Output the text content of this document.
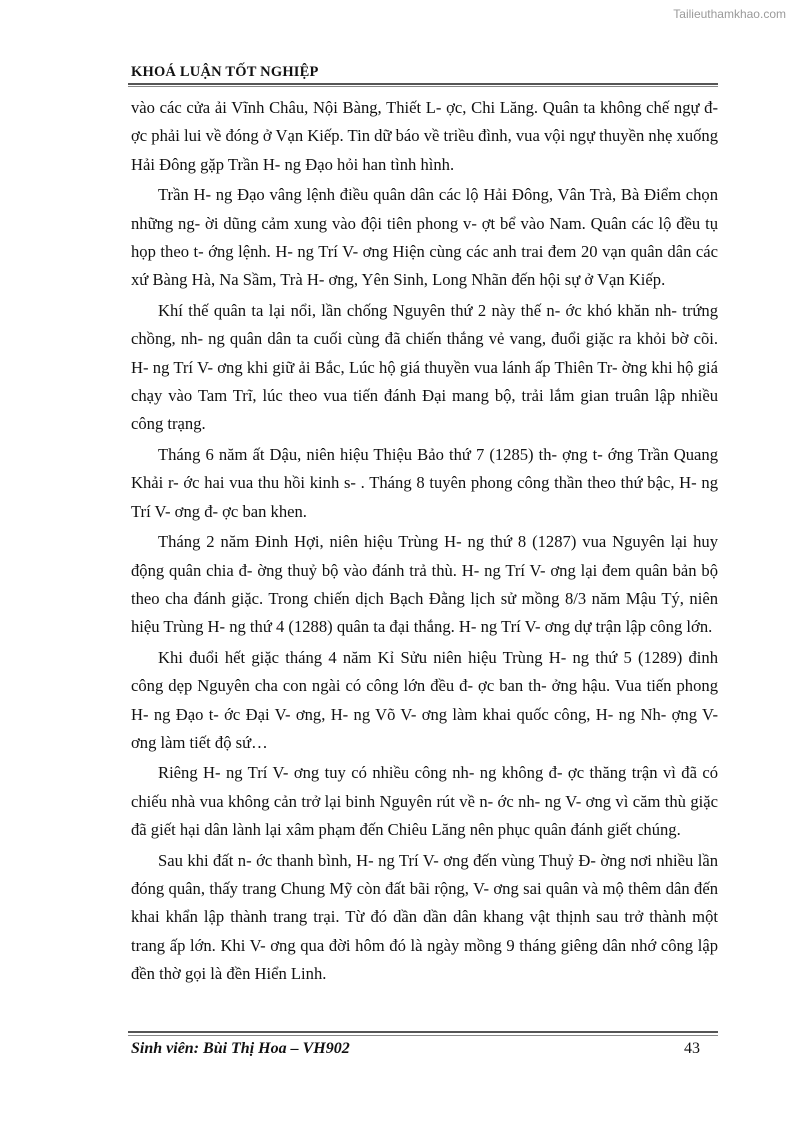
Tailieuthamkhao.com
KHOÁ LUẬN TỐT NGHIỆP

vào các cửa ải Vĩnh Châu, Nội Bàng, Thiết L- ợc, Chi Lăng. Quân ta không chế ngự đ- ợc phải lui về đóng ở Vạn Kiếp. Tin dữ báo về triều đình, vua vội ngự thuyền nhẹ xuống Hải Đông gặp Trần H- ng Đạo hỏi han tình hình.

Trần H- ng Đạo vâng lệnh điều quân dân các lộ Hải Đông, Vân Trà, Bà Điểm chọn những ng- ời dũng cảm xung vào đội tiên phong v- ợt bể vào Nam. Quân các lộ đều tụ họp theo t- ớng lệnh. H- ng Trí V- ơng Hiện cùng các anh trai đem 20 vạn quân dân các xứ Bàng Hà, Na Sầm, Trà H- ơng, Yên Sinh, Long Nhãn đến hội sự ở Vạn Kiếp.

Khí thế quân ta lại nổi, lần chống Nguyên thứ 2 này thế n- ớc khó khăn nh- trứng chồng, nh- ng quân dân ta cuối cùng đã chiến thắng vẻ vang, đuổi giặc ra khỏi bờ cõi. H- ng Trí V- ơng khi giữ ải Bắc, Lúc hộ giá thuyền vua lánh ấp Thiên Tr- ờng khi hộ giá chạy vào Tam Trĩ, lúc theo vua tiến đánh Đại mang bộ, trải lắm gian truân lập nhiều công trạng.

Tháng 6 năm ất Dậu, niên hiệu Thiệu Bảo thứ 7 (1285) th- ợng t- ớng Trần Quang Khải r- ớc hai vua thu hồi kinh s- . Tháng 8 tuyên phong công thần theo thứ bậc, H- ng Trí V- ơng đ- ợc ban khen.

Tháng 2 năm Đinh Hợi, niên hiệu Trùng H- ng thứ 8 (1287) vua Nguyên lại huy động quân chia đ- ờng thuỷ bộ vào đánh trả thù. H- ng Trí V- ơng lại đem quân bản bộ theo cha đánh giặc. Trong chiến dịch Bạch Đằng lịch sử mồng 8/3 năm Mậu Tý, niên hiệu Trùng H- ng thứ 4 (1288) quân ta đại thắng. H- ng Trí V- ơng dự trận lập công lớn.

Khi đuổi hết giặc tháng 4 năm Kỉ Sửu niên hiệu Trùng H- ng thứ 5 (1289) đinh công dẹp Nguyên cha con ngài có công lớn đều đ- ợc ban th- ởng hậu. Vua tiến phong H- ng Đạo t- ớc Đại V- ơng, H- ng Võ V- ơng làm khai quốc công, H- ng Nh- ợng V- ơng làm tiết độ sứ…

Riêng H- ng Trí V- ơng tuy có nhiều công nh- ng không đ- ợc thăng trận vì đã có chiếu nhà vua không cản trở lại binh Nguyên rút về n- ớc nh- ng V- ơng vì căm thù giặc đã giết hại dân lành lại xâm phạm đến Chiêu Lăng nên phục quân đánh giết chúng.

Sau khi đất n- ớc thanh bình, H- ng Trí V- ơng đến vùng Thuỷ Đ- ờng nơi nhiều lần đóng quân, thấy trang Chung Mỹ còn đất bãi rộng, V- ơng sai quân và mộ thêm dân đến khai khẩn lập thành trang trại. Từ đó dần dần dân khang vật thịnh sau trở thành một trang ấp lớn. Khi V- ơng qua đời hôm đó là ngày mồng 9 tháng giêng dân nhớ công lập đền thờ gọi là đền Hiển Linh.

Sinh viên: Bùi Thị Hoa – VH902	43
